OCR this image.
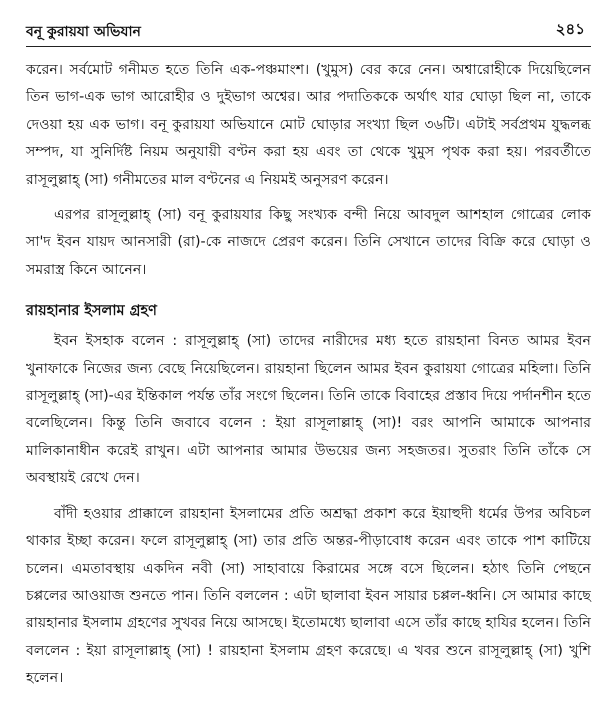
বনূ কুরায়যা অভিযান	২৪১

করেন। সর্বমোট গনীমত হতে তিনি এক-পঞ্চমাংশ। (খুমুস) বের করে নেন। অশ্বারোহীকে দিয়েছিলেন তিন ভাগ-এক ভাগ আরোহীর ও দুইভাগ অশ্বের। আর পদাতিককে অর্থাৎ যার ঘোড়া ছিল না, তাকে দেওয়া হয় এক ভাগ। বনূ কুরায়যা অভিযানে মোট ঘোড়ার সংখ্যা ছিল ৩৬টি। এটাই সর্বপ্রথম যুদ্ধলব্ধ সম্পদ, যা সুনির্দিষ্ট নিয়ম অনুযায়ী বণ্টন করা হয় এবং তা থেকে খুমুস পৃথক করা হয়। পরবর্তীতে রাসূলুল্লাহ্‌ (সা) গনীমতের মাল বণ্টনের এ নিয়মই অনুসরণ করেন।

এরপর রাসূলুল্লাহ্‌ (সা) বনূ কুরায়যার কিছু সংখ্যক বন্দী নিয়ে আবদুল আশহাল গোত্রের লোক সা'দ ইবন যায়দ আনসারী (রা)-কে নাজদে প্রেরণ করেন। তিনি সেখানে তাদের বিক্রি করে ঘোড়া ও সমরাস্ত্র কিনে আনেন।

রায়হানার ইসলাম গ্রহণ

ইবন ইসহাক বলেন : রাসূলুল্লাহ্‌ (সা) তাদের নারীদের মধ্য হতে রায়হানা বিনত আমর ইবন খুনাফাকে নিজের জন্য বেছে নিয়েছিলেন। রায়হানা ছিলেন আমর ইবন কুরায়যা গোত্রের মহিলা। তিনি রাসূলুল্লাহ্‌ (সা)-এর ইন্তিকাল পর্যন্ত তাঁর সংগে ছিলেন। তিনি তাকে বিবাহের প্রস্তাব দিয়ে পর্দানশীন হতে বলেছিলেন। কিন্তু তিনি জবাবে বলেন : ইয়া রাসূলাল্লাহ্‌ (সা)! বরং আপনি আমাকে আপনার মালিকানাধীন করেই রাখুন। এটা আপনার আমার উভয়ের জন্য সহজতর। সুতরাং তিনি তাঁকে সে অবস্থায়ই রেখে দেন।

বাঁদী হওয়ার প্রাক্কালে রায়হানা ইসলামের প্রতি অশ্রদ্ধা প্রকাশ করে ইয়াহুদী ধর্মের উপর অবিচল থাকার ইচ্ছা করেন। ফলে রাসূলুল্লাহ্‌ (সা) তার প্রতি অন্তর-পীড়াবোধ করেন এবং তাকে পাশ কাটিয়ে চলেন। এমতাবস্থায় একদিন নবী (সা) সাহাবায়ে কিরামের সঙ্গে বসে ছিলেন। হঠাৎ তিনি পেছনে চপ্পলের আওয়াজ শুনতে পান। তিনি বললেন : এটা ছালাবা ইবন সায়ার চপ্পল-ধ্বনি। সে আমার কাছে রায়হানার ইসলাম গ্রহণের সুখবর নিয়ে আসছে। ইতোমধ্যে ছালাবা এসে তাঁর কাছে হাযির হলেন। তিনি বললেন : ইয়া রাসূলাল্লাহ্‌ (সা) ! রায়হানা ইসলাম গ্রহণ করেছে। এ খবর শুনে রাসূলুল্লাহ্‌ (সা) খুশি হলেন।
